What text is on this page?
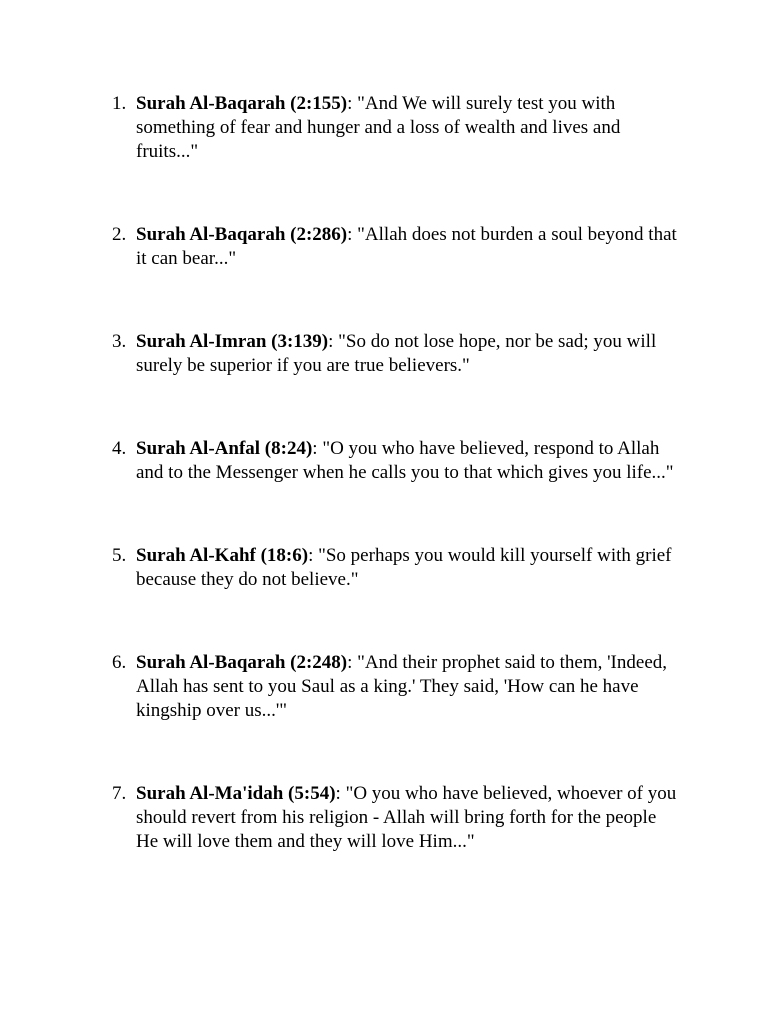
1. Surah Al-Baqarah (2:155): "And We will surely test you with something of fear and hunger and a loss of wealth and lives and fruits..."
2. Surah Al-Baqarah (2:286): "Allah does not burden a soul beyond that it can bear..."
3. Surah Al-Imran (3:139): "So do not lose hope, nor be sad; you will surely be superior if you are true believers."
4. Surah Al-Anfal (8:24): "O you who have believed, respond to Allah and to the Messenger when he calls you to that which gives you life..."
5. Surah Al-Kahf (18:6): "So perhaps you would kill yourself with grief because they do not believe."
6. Surah Al-Baqarah (2:248): "And their prophet said to them, 'Indeed, Allah has sent to you Saul as a king.' They said, 'How can he have kingship over us...'"
7. Surah Al-Ma'idah (5:54): "O you who have believed, whoever of you should revert from his religion - Allah will bring forth for the people He will love them and they will love Him..."
